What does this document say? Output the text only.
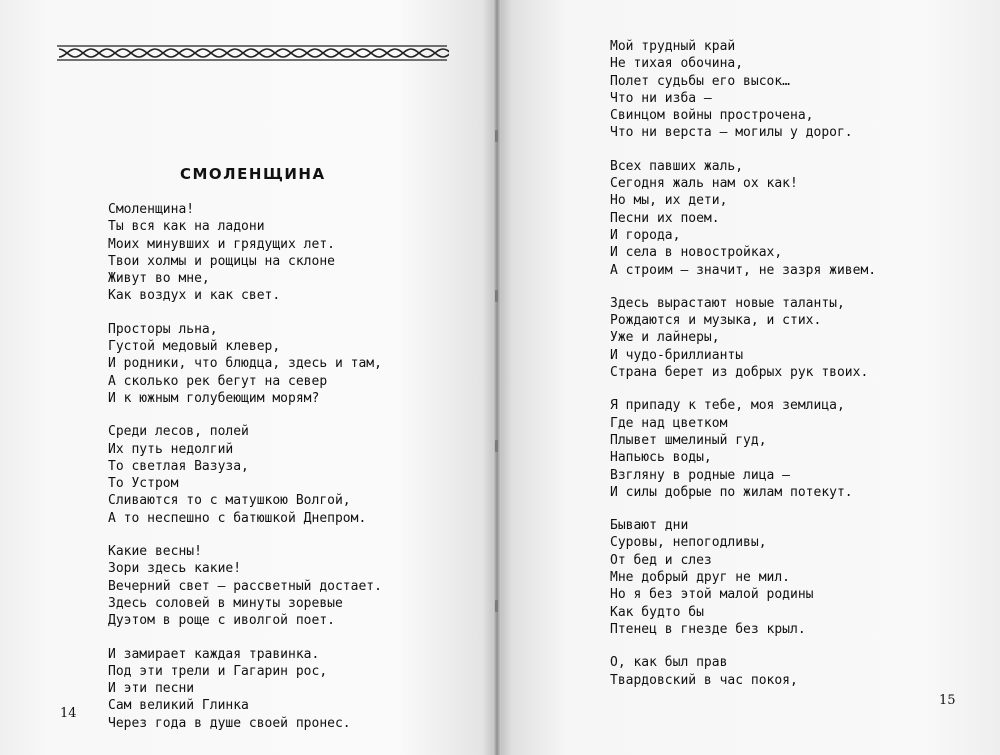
СМОЛЕНЩИНА
Смоленщина!
Ты вся как на ладони
Моих минувших и грядущих лет.
Твои холмы и рощицы на склоне
Живут во мне,
Как воздух и как свет.
Просторы льна,
Густой медовый клевер,
И родники, что блюдца, здесь и там,
А сколько рек бегут на север
И к южным голубеющим морям?
Среди лесов, полей
Их путь недолгий
То светлая Вазуза,
То Устром
Сливаются то с матушкою Волгой,
А то неспешно с батюшкой Днепром.
Какие весны!
Зори здесь какие!
Вечерний свет – рассветный достает.
Здесь соловей в минуты зоревые
Дуэтом в роще с иволгой поет.
И замирает каждая травинка.
Под эти трели и Гагарин рос,
И эти песни
Сам великий Глинка
Через года в душе своей пронес.
14
Мой трудный край
Не тихая обочина,
Полет судьбы его высок…
Что ни изба –
Свинцом войны прострочена,
Что ни верста – могилы у дорог.
Всех павших жаль,
Сегодня жаль нам ох как!
Но мы, их дети,
Песни их поем.
И города,
И села в новостройках,
А строим – значит, не зазря живем.
Здесь вырастают новые таланты,
Рождаются и музыка, и стих.
Уже и лайнеры,
И чудо-бриллианты
Страна берет из добрых рук твоих.
Я припаду к тебе, моя землица,
Где над цветком
Плывет шмелиный гуд,
Напьюсь воды,
Взгляну в родные лица –
И силы добрые по жилам потекут.
Бывают дни
Суровы, непогодливы,
От бед и слез
Мне добрый друг не мил.
Но я без этой малой родины
Как будто бы
Птенец в гнезде без крыл.
О, как был прав
Твардовский в час покоя,
15
